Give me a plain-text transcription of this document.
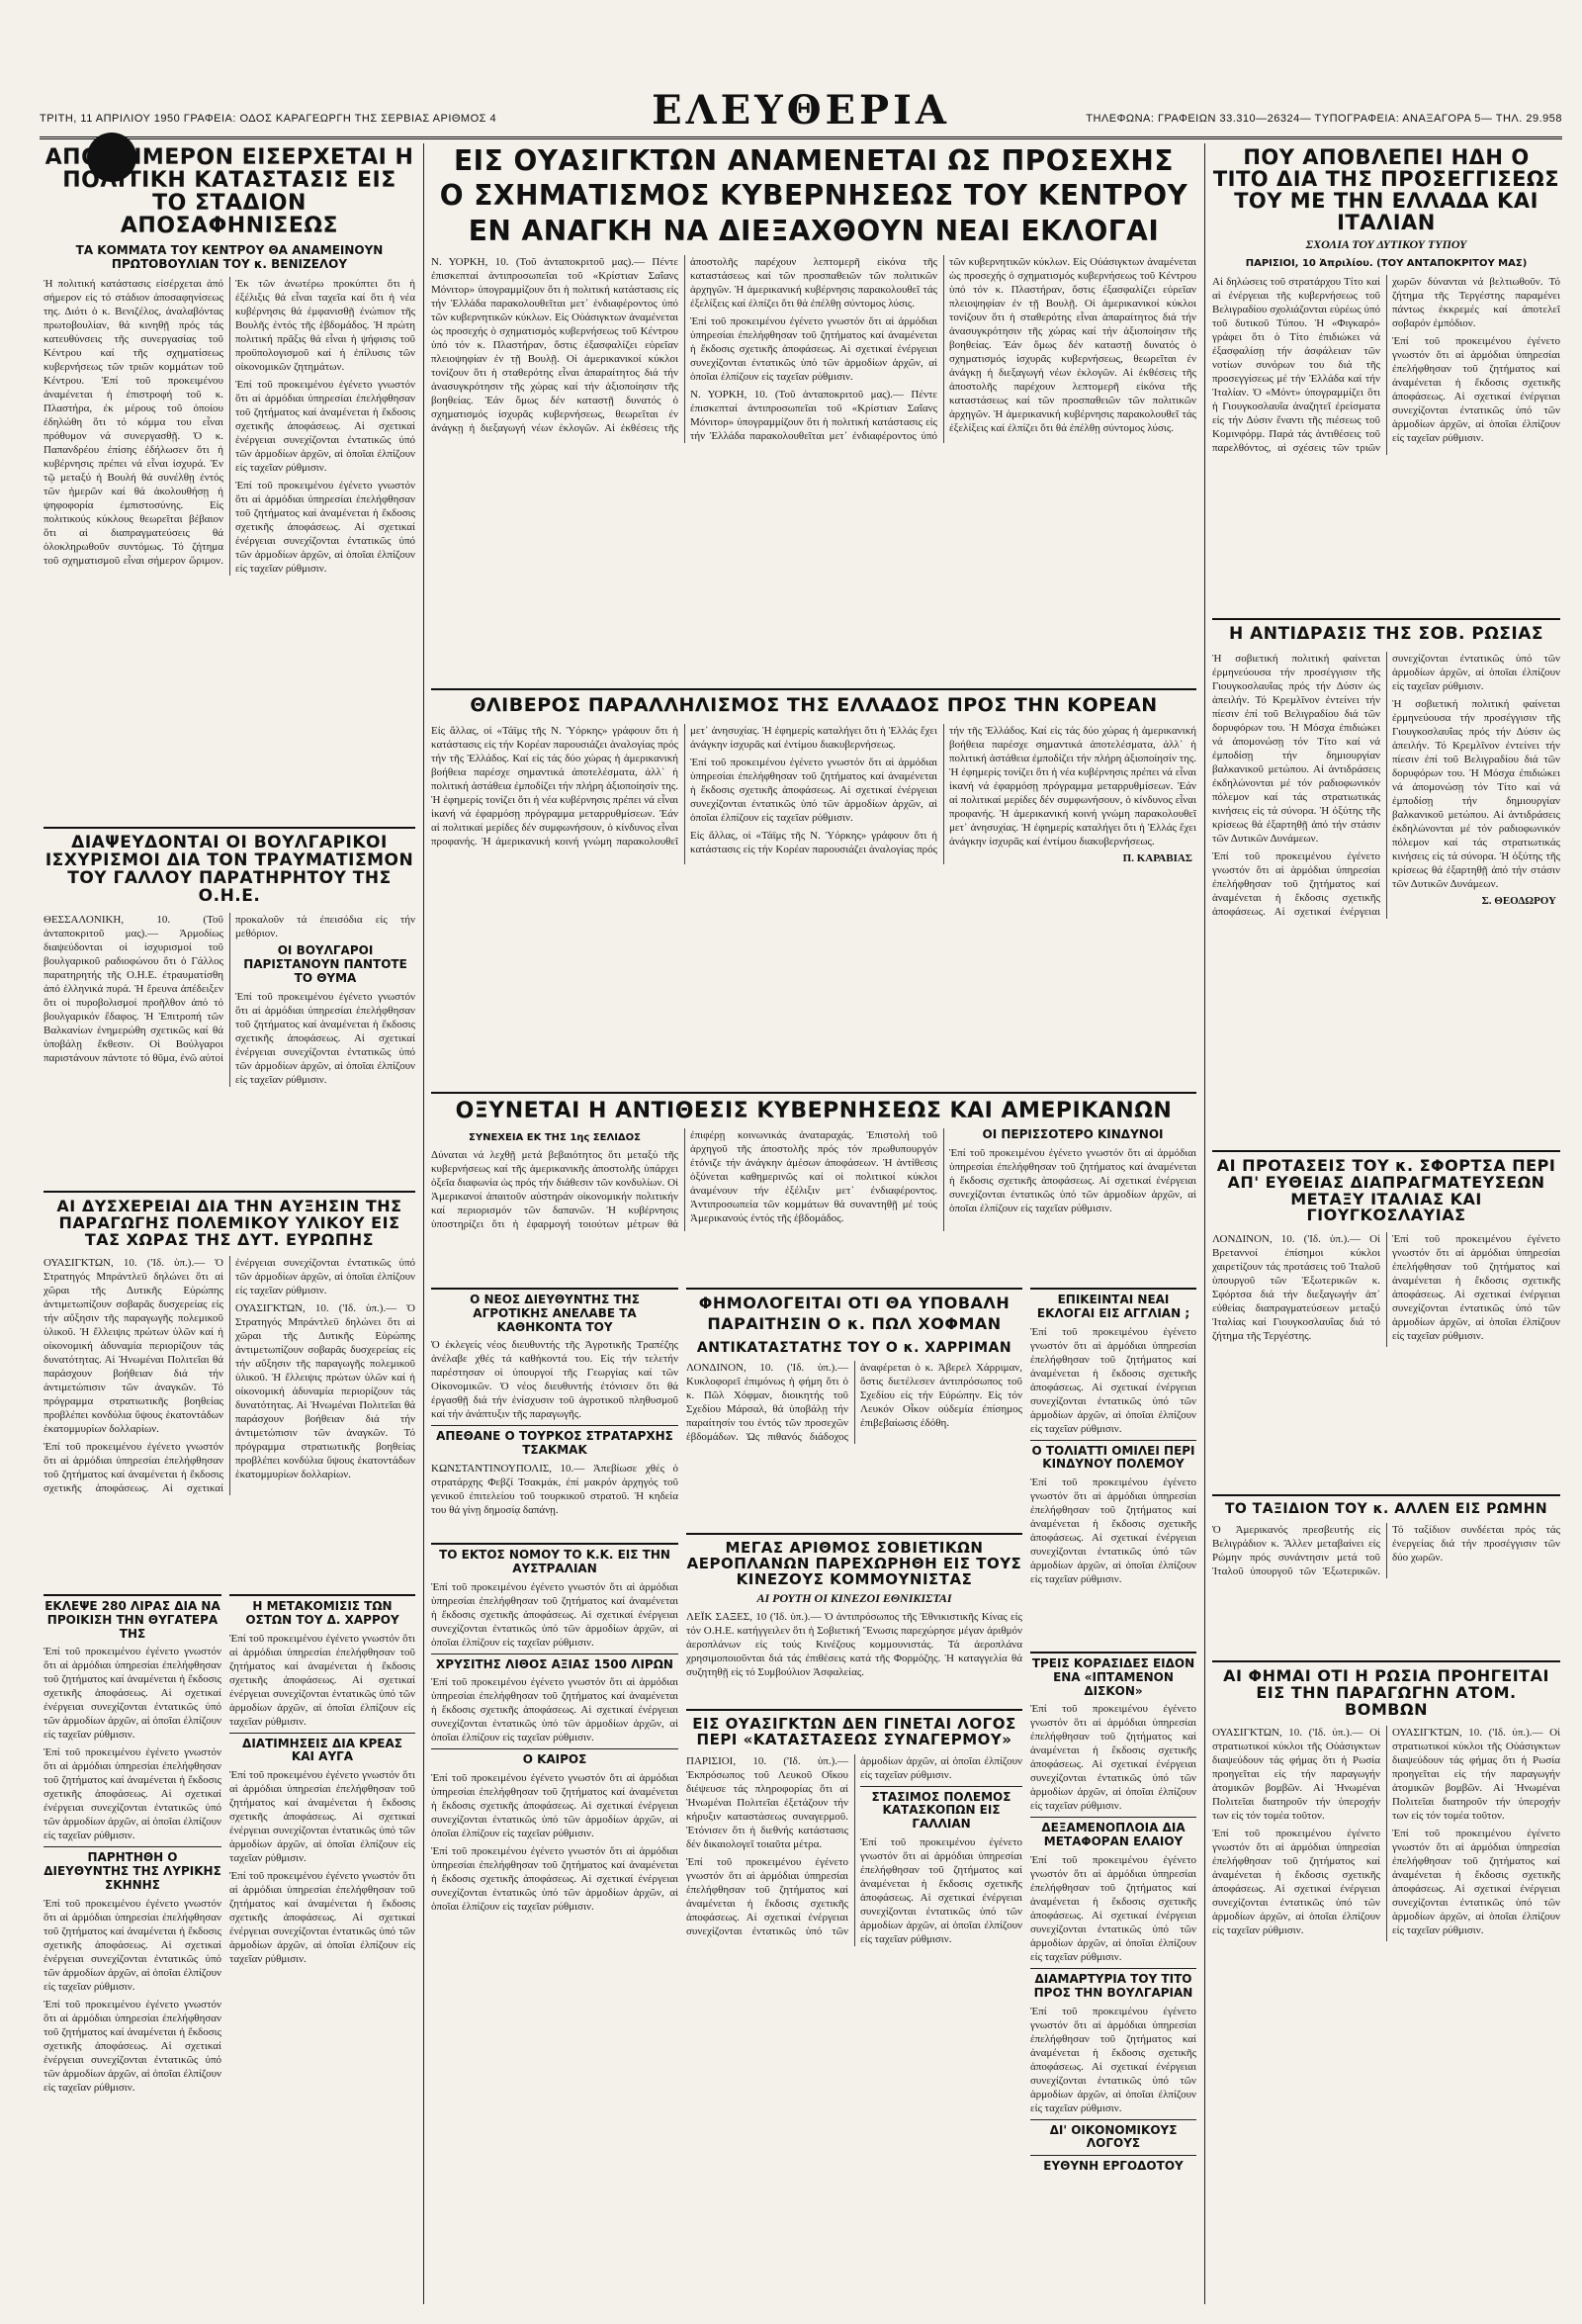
ΤΡΙΤΗ, 11 ΑΠΡΙΛΙΟΥ 1950 ΓΡΑΦΕΙΑ: ΟΔΟΣ ΚΑΡΑΓΕΩΡΓΗ ΤΗΣ ΣΕΡΒΙΑΣ ΑΡΙΘΜΟΣ 4	ΕΛΕΥΘΕΡΙΑ	ΤΗΛΕΦΩΝΑ: ΓΡΑΦΕΙΩΝ 33.310—26324— ΤΥΠΟΓΡΑΦΕΙΑ: ΑΝΑΞΑΓΟΡΑ 5— ΤΗΛ. 29.958
ΑΠΟ ΣΗΜΕΡΟΝ ΕΙΣΕΡΧΕΤΑΙ Η ΠΟΛΙΤΙΚΗ ΚΑΤΑΣΤΑΣΙΣ ΕΙΣ ΤΟ ΣΤΑΔΙΟΝ ΑΠΟΣΑΦΗΝΙΣΕΩΣ
ΤΑ ΚΟΜΜΑΤΑ ΤΟΥ ΚΕΝΤΡΟΥ ΘΑ ΑΝΑΜΕΙΝΟΥΝ ΠΡΩΤΟΒΟΥΛΙΑΝ ΤΟΥ κ. ΒΕΝΙΖΕΛΟΥ

Ἡ πολιτική κατάστασις εἰσέρχεται ἀπό σήμερον εἰς τό στάδιον ἀποσαφηνίσεως της. Διότι ὁ κ. Βενιζέλος, ἀναλαβόντας πρωτοβουλίαν, θά κινηθῇ πρός τάς κατευθύνσεις τῆς συνεργασίας τοῦ Κέντρου καί τῆς σχηματίσεως κυβερνήσεως τῶν τριῶν κομμάτων τοῦ Κέντρου. Ἐπί τοῦ προκειμένου ἀναμένεται ἡ ἐπιστροφή τοῦ κ. Πλαστήρα, ἐκ μέρους τοῦ ὁποίου ἐδηλώθη ὅτι τό κόμμα του εἶναι πρόθυμον νά συνεργασθῇ. Ὁ κ. Παπανδρέου ἐπίσης ἐδήλωσεν ὅτι ἡ κυβέρνησις πρέπει νά εἶναι ἰσχυρά. Ἐν τῷ μεταξύ ἡ Βουλή θά συνέλθῃ ἐντός τῶν ἡμερῶν καί θά ἀκολουθήσῃ ἡ ψηφοφορία ἐμπιστοσύνης. Εἰς πολιτικούς κύκλους θεωρεῖται βέβαιον ὅτι αἱ διαπραγματεύσεις θά ὁλοκληρωθοῦν συντόμως. Τό ζήτημα τοῦ σχηματισμοῦ εἶναι σήμερον ὥριμον. Ἐκ τῶν ἀνωτέρω προκύπτει ὅτι ἡ ἐξέλιξις θά εἶναι ταχεῖα καί ὅτι ἡ νέα κυβέρνησις θά ἐμφανισθῇ ἐνώπιον τῆς Βουλῆς ἐντός τῆς ἑβδομάδος. Ἡ πρώτη πολιτική πρᾶξις θά εἶναι ἡ ψήφισις τοῦ προϋπολογισμοῦ καί ἡ ἐπίλυσις τῶν οἰκονομικῶν ζητημάτων.

Ἐπί τοῦ προκειμένου ἐγένετο γνωστόν ὅτι αἱ ἁρμόδιαι ὑπηρεσίαι ἐπελήφθησαν τοῦ ζητήματος καί ἀναμένεται ἡ ἔκδοσις σχετικῆς ἀποφάσεως. Αἱ σχετικαί ἐνέργειαι συνεχίζονται ἐντατικῶς ὑπό τῶν ἁρμοδίων ἀρχῶν, αἱ ὁποῖαι ἐλπίζουν εἰς ταχεῖαν ρύθμισιν.

Ἐπί τοῦ προκειμένου ἐγένετο γνωστόν ὅτι αἱ ἁρμόδιαι ὑπηρεσίαι ἐπελήφθησαν τοῦ ζητήματος καί ἀναμένεται ἡ ἔκδοσις σχετικῆς ἀποφάσεως. Αἱ σχετικαί ἐνέργειαι συνεχίζονται ἐντατικῶς ὑπό τῶν ἁρμοδίων ἀρχῶν, αἱ ὁποῖαι ἐλπίζουν εἰς ταχεῖαν ρύθμισιν.

ΕΙΣ ΟΥΑΣΙΓΚΤΩΝ ΑΝΑΜΕΝΕΤΑΙ ΩΣ ΠΡΟΣΕΧΗΣ
Ο ΣΧΗΜΑΤΙΣΜΟΣ ΚΥΒΕΡΝΗΣΕΩΣ ΤΟΥ ΚΕΝΤΡΟΥ
ΕΝ ΑΝΑΓΚΗ ΝΑ ΔΙΕΞΑΧΘΟΥΝ ΝΕΑΙ ΕΚΛΟΓΑΙ

Ν. ΥΟΡΚΗ, 10. (Τοῦ ἀνταποκριτοῦ μας).— Πέντε ἐπισκεπταί ἀντιπροσωπεῖαι τοῦ «Κρίστιαν Σαΐανς Μόνιτορ» ὑπογραμμίζουν ὅτι ἡ πολιτική κατάστασις εἰς τήν Ἑλλάδα παρακολουθεῖται μετ᾽ ἐνδιαφέροντος ὑπό τῶν κυβερνητικῶν κύκλων. Εἰς Οὐάσιγκτων ἀναμένεται ὡς προσεχής ὁ σχηματισμός κυβερνήσεως τοῦ Κέντρου ὑπό τόν κ. Πλαστήραν, ὅστις ἐξασφαλίζει εὐρεῖαν πλειοψηφίαν ἐν τῇ Βουλῇ. Οἱ ἀμερικανικοί κύκλοι τονίζουν ὅτι ἡ σταθερότης εἶναι ἀπαραίτητος διά τήν ἀνασυγκρότησιν τῆς χώρας καί τήν ἀξιοποίησιν τῆς βοηθείας. Ἐάν ὅμως δέν καταστῇ δυνατός ὁ σχηματισμός ἰσχυρᾶς κυβερνήσεως, θεωρεῖται ἐν ἀνάγκῃ ἡ διεξαγωγή νέων ἐκλογῶν. Αἱ ἐκθέσεις τῆς ἀποστολῆς παρέχουν λεπτομερῆ εἰκόνα τῆς καταστάσεως καί τῶν προσπαθειῶν τῶν πολιτικῶν ἀρχηγῶν. Ἡ ἀμερικανική κυβέρνησις παρακολουθεῖ τάς ἐξελίξεις καί ἐλπίζει ὅτι θά ἐπέλθῃ σύντομος λύσις.

Ἐπί τοῦ προκειμένου ἐγένετο γνωστόν ὅτι αἱ ἁρμόδιαι ὑπηρεσίαι ἐπελήφθησαν τοῦ ζητήματος καί ἀναμένεται ἡ ἔκδοσις σχετικῆς ἀποφάσεως. Αἱ σχετικαί ἐνέργειαι συνεχίζονται ἐντατικῶς ὑπό τῶν ἁρμοδίων ἀρχῶν, αἱ ὁποῖαι ἐλπίζουν εἰς ταχεῖαν ρύθμισιν.

Ν. ΥΟΡΚΗ, 10. (Τοῦ ἀνταποκριτοῦ μας).— Πέντε ἐπισκεπταί ἀντιπροσωπεῖαι τοῦ «Κρίστιαν Σαΐανς Μόνιτορ» ὑπογραμμίζουν ὅτι ἡ πολιτική κατάστασις εἰς τήν Ἑλλάδα παρακολουθεῖται μετ᾽ ἐνδιαφέροντος ὑπό τῶν κυβερνητικῶν κύκλων. Εἰς Οὐάσιγκτων ἀναμένεται ὡς προσεχής ὁ σχηματισμός κυβερνήσεως τοῦ Κέντρου ὑπό τόν κ. Πλαστήραν, ὅστις ἐξασφαλίζει εὐρεῖαν πλειοψηφίαν ἐν τῇ Βουλῇ. Οἱ ἀμερικανικοί κύκλοι τονίζουν ὅτι ἡ σταθερότης εἶναι ἀπαραίτητος διά τήν ἀνασυγκρότησιν τῆς χώρας καί τήν ἀξιοποίησιν τῆς βοηθείας. Ἐάν ὅμως δέν καταστῇ δυνατός ὁ σχηματισμός ἰσχυρᾶς κυβερνήσεως, θεωρεῖται ἐν ἀνάγκῃ ἡ διεξαγωγή νέων ἐκλογῶν. Αἱ ἐκθέσεις τῆς ἀποστολῆς παρέχουν λεπτομερῆ εἰκόνα τῆς καταστάσεως καί τῶν προσπαθειῶν τῶν πολιτικῶν ἀρχηγῶν. Ἡ ἀμερικανική κυβέρνησις παρακολουθεῖ τάς ἐξελίξεις καί ἐλπίζει ὅτι θά ἐπέλθῃ σύντομος λύσις.

ΠΟΥ ΑΠΟΒΛΕΠΕΙ ΗΔΗ Ο ΤΙΤΟ ΔΙΑ ΤΗΣ ΠΡΟΣΕΓΓΙΣΕΩΣ ΤΟΥ ΜΕ ΤΗΝ ΕΛΛΑΔΑ ΚΑΙ ΙΤΑΛΙΑΝ
ΣΧΟΛΙΑ ΤΟΥ ΔΥΤΙΚΟΥ ΤΥΠΟΥ
ΠΑΡΙΣΙΟΙ, 10 Ἀπριλίου. (ΤΟΥ ΑΝΤΑΠΟΚΡΙΤΟΥ ΜΑΣ)

Αἱ δηλώσεις τοῦ στρατάρχου Τίτο καί αἱ ἐνέργειαι τῆς κυβερνήσεως τοῦ Βελιγραδίου σχολιάζονται εὐρέως ὑπό τοῦ δυτικοῦ Τύπου. Ἡ «Φιγκαρό» γράφει ὅτι ὁ Τίτο ἐπιδιώκει νά ἐξασφαλίσῃ τήν ἀσφάλειαν τῶν νοτίων συνόρων του διά τῆς προσεγγίσεως μέ τήν Ἑλλάδα καί τήν Ἰταλίαν. Ὁ «Μόντ» ὑπογραμμίζει ὅτι ἡ Γιουγκοσλαυΐα ἀναζητεῖ ἐρείσματα εἰς τήν Δύσιν ἔναντι τῆς πιέσεως τοῦ Κομινφόρμ. Παρά τάς ἀντιθέσεις τοῦ παρελθόντος, αἱ σχέσεις τῶν τριῶν χωρῶν δύνανται νά βελτιωθοῦν. Τό ζήτημα τῆς Τεργέστης παραμένει πάντως ἐκκρεμές καί ἀποτελεῖ σοβαρόν ἐμπόδιον.

Ἐπί τοῦ προκειμένου ἐγένετο γνωστόν ὅτι αἱ ἁρμόδιαι ὑπηρεσίαι ἐπελήφθησαν τοῦ ζητήματος καί ἀναμένεται ἡ ἔκδοσις σχετικῆς ἀποφάσεως. Αἱ σχετικαί ἐνέργειαι συνεχίζονται ἐντατικῶς ὑπό τῶν ἁρμοδίων ἀρχῶν, αἱ ὁποῖαι ἐλπίζουν εἰς ταχεῖαν ρύθμισιν.

ΘΛΙΒΕΡΟΣ ΠΑΡΑΛΛΗΛΙΣΜΟΣ ΤΗΣ ΕΛΛΑΔΟΣ ΠΡΟΣ ΤΗΝ ΚΟΡΕΑΝ

Εἰς ἄλλας, οἱ «Τάϊμς τῆς Ν. Ὑόρκης» γράφουν ὅτι ἡ κατάστασις εἰς τήν Κορέαν παρουσιάζει ἀναλογίας πρός τήν τῆς Ἑλλάδος. Καί εἰς τάς δύο χώρας ἡ ἀμερικανική βοήθεια παρέσχε σημαντικά ἀποτελέσματα, ἀλλ᾽ ἡ πολιτική ἀστάθεια ἐμποδίζει τήν πλήρη ἀξιοποίησίν της. Ἡ ἐφημερίς τονίζει ὅτι ἡ νέα κυβέρνησις πρέπει νά εἶναι ἱκανή νά ἐφαρμόσῃ πρόγραμμα μεταρρυθμίσεων. Ἐάν αἱ πολιτικαί μερίδες δέν συμφωνήσουν, ὁ κίνδυνος εἶναι προφανής. Ἡ ἀμερικανική κοινή γνώμη παρακολουθεῖ μετ᾽ ἀνησυχίας. Ἡ ἐφημερίς καταλήγει ὅτι ἡ Ἑλλάς ἔχει ἀνάγκην ἰσχυρᾶς καί ἐντίμου διακυβερνήσεως.

Ἐπί τοῦ προκειμένου ἐγένετο γνωστόν ὅτι αἱ ἁρμόδιαι ὑπηρεσίαι ἐπελήφθησαν τοῦ ζητήματος καί ἀναμένεται ἡ ἔκδοσις σχετικῆς ἀποφάσεως. Αἱ σχετικαί ἐνέργειαι συνεχίζονται ἐντατικῶς ὑπό τῶν ἁρμοδίων ἀρχῶν, αἱ ὁποῖαι ἐλπίζουν εἰς ταχεῖαν ρύθμισιν.

Εἰς ἄλλας, οἱ «Τάϊμς τῆς Ν. Ὑόρκης» γράφουν ὅτι ἡ κατάστασις εἰς τήν Κορέαν παρουσιάζει ἀναλογίας πρός τήν τῆς Ἑλλάδος. Καί εἰς τάς δύο χώρας ἡ ἀμερικανική βοήθεια παρέσχε σημαντικά ἀποτελέσματα, ἀλλ᾽ ἡ πολιτική ἀστάθεια ἐμποδίζει τήν πλήρη ἀξιοποίησίν της. Ἡ ἐφημερίς τονίζει ὅτι ἡ νέα κυβέρνησις πρέπει νά εἶναι ἱκανή νά ἐφαρμόσῃ πρόγραμμα μεταρρυθμίσεων. Ἐάν αἱ πολιτικαί μερίδες δέν συμφωνήσουν, ὁ κίνδυνος εἶναι προφανής. Ἡ ἀμερικανική κοινή γνώμη παρακολουθεῖ μετ᾽ ἀνησυχίας. Ἡ ἐφημερίς καταλήγει ὅτι ἡ Ἑλλάς ἔχει ἀνάγκην ἰσχυρᾶς καί ἐντίμου διακυβερνήσεως.

Π. ΚΑΡΑΒΙΑΣ
Η ΑΝΤΙΔΡΑΣΙΣ ΤΗΣ ΣΟΒ. ΡΩΣΙΑΣ

Ἡ σοβιετική πολιτική φαίνεται ἐρμηνεύουσα τήν προσέγγισιν τῆς Γιουγκοσλαυΐας πρός τήν Δύσιν ὡς ἀπειλήν. Τό Κρεμλῖνον ἐντείνει τήν πίεσιν ἐπί τοῦ Βελιγραδίου διά τῶν δορυφόρων του. Ἡ Μόσχα ἐπιδιώκει νά ἀπομονώσῃ τόν Τίτο καί νά ἐμποδίσῃ τήν δημιουργίαν βαλκανικοῦ μετώπου. Αἱ ἀντιδράσεις ἐκδηλώνονται μέ τόν ραδιοφωνικόν πόλεμον καί τάς στρατιωτικάς κινήσεις εἰς τά σύνορα. Ἡ ὀξύτης τῆς κρίσεως θά ἐξαρτηθῇ ἀπό τήν στάσιν τῶν Δυτικῶν Δυνάμεων.

Ἐπί τοῦ προκειμένου ἐγένετο γνωστόν ὅτι αἱ ἁρμόδιαι ὑπηρεσίαι ἐπελήφθησαν τοῦ ζητήματος καί ἀναμένεται ἡ ἔκδοσις σχετικῆς ἀποφάσεως. Αἱ σχετικαί ἐνέργειαι συνεχίζονται ἐντατικῶς ὑπό τῶν ἁρμοδίων ἀρχῶν, αἱ ὁποῖαι ἐλπίζουν εἰς ταχεῖαν ρύθμισιν.

Ἡ σοβιετική πολιτική φαίνεται ἐρμηνεύουσα τήν προσέγγισιν τῆς Γιουγκοσλαυΐας πρός τήν Δύσιν ὡς ἀπειλήν. Τό Κρεμλῖνον ἐντείνει τήν πίεσιν ἐπί τοῦ Βελιγραδίου διά τῶν δορυφόρων του. Ἡ Μόσχα ἐπιδιώκει νά ἀπομονώσῃ τόν Τίτο καί νά ἐμποδίσῃ τήν δημιουργίαν βαλκανικοῦ μετώπου. Αἱ ἀντιδράσεις ἐκδηλώνονται μέ τόν ραδιοφωνικόν πόλεμον καί τάς στρατιωτικάς κινήσεις εἰς τά σύνορα. Ἡ ὀξύτης τῆς κρίσεως θά ἐξαρτηθῇ ἀπό τήν στάσιν τῶν Δυτικῶν Δυνάμεων.

Σ. ΘΕΟΔΩΡΟΥ
ΔΙΑΨΕΥΔΟΝΤΑΙ ΟΙ ΒΟΥΛΓΑΡΙΚΟΙ ΙΣΧΥΡΙΣΜΟΙ ΔΙΑ ΤΟΝ ΤΡΑΥΜΑΤΙΣΜΟΝ ΤΟΥ ΓΑΛΛΟΥ ΠΑΡΑΤΗΡΗΤΟΥ ΤΗΣ Ο.Η.Ε.

ΘΕΣΣΑΛΟΝΙΚΗ, 10. (Τοῦ ἀνταποκριτοῦ μας).— Ἀρμοδίως διαψεύδονται οἱ ἰσχυρισμοί τοῦ βουλγαρικοῦ ραδιοφώνου ὅτι ὁ Γάλλος παρατηρητής τῆς Ο.Η.Ε. ἐτραυματίσθη ἀπό ἑλληνικά πυρά. Ἡ ἔρευνα ἀπέδειξεν ὅτι οἱ πυροβολισμοί προῆλθον ἀπό τό βουλγαρικόν ἔδαφος. Ἡ Ἐπιτροπή τῶν Βαλκανίων ἐνημερώθη σχετικῶς καί θά ὑποβάλῃ ἔκθεσιν. Οἱ Βούλγαροι παριστάνουν πάντοτε τό θῦμα, ἐνῶ αὐτοί προκαλοῦν τά ἐπεισόδια εἰς τήν μεθόριον.

ΟΙ ΒΟΥΛΓΑΡΟΙ ΠΑΡΙΣΤΑΝΟΥΝ ΠΑΝΤΟΤΕ ΤΟ ΘΥΜΑ

Ἐπί τοῦ προκειμένου ἐγένετο γνωστόν ὅτι αἱ ἁρμόδιαι ὑπηρεσίαι ἐπελήφθησαν τοῦ ζητήματος καί ἀναμένεται ἡ ἔκδοσις σχετικῆς ἀποφάσεως. Αἱ σχετικαί ἐνέργειαι συνεχίζονται ἐντατικῶς ὑπό τῶν ἁρμοδίων ἀρχῶν, αἱ ὁποῖαι ἐλπίζουν εἰς ταχεῖαν ρύθμισιν.

ΟΞΥΝΕΤΑΙ Η ΑΝΤΙΘΕΣΙΣ ΚΥΒΕΡΝΗΣΕΩΣ ΚΑΙ ΑΜΕΡΙΚΑΝΩΝ
ΣΥΝΕΧΕΙΑ ΕΚ ΤΗΣ 1ης ΣΕΛΙΔΟΣ

Δύναται νά λεχθῇ μετά βεβαιότητος ὅτι μεταξύ τῆς κυβερνήσεως καί τῆς ἀμερικανικῆς ἀποστολῆς ὑπάρχει ὀξεῖα διαφωνία ὡς πρός τήν διάθεσιν τῶν κονδυλίων. Οἱ Ἀμερικανοί ἀπαιτοῦν αὐστηράν οἰκονομικήν πολιτικήν καί περιορισμόν τῶν δαπανῶν. Ἡ κυβέρνησις ὑποστηρίζει ὅτι ἡ ἐφαρμογή τοιούτων μέτρων θά ἐπιφέρῃ κοινωνικάς ἀναταραχάς. Ἐπιστολή τοῦ ἀρχηγοῦ τῆς ἀποστολῆς πρός τόν πρωθυπουργόν ἐτόνιζε τήν ἀνάγκην ἀμέσων ἀποφάσεων. Ἡ ἀντίθεσις ὀξύνεται καθημερινῶς καί οἱ πολιτικοί κύκλοι ἀναμένουν τήν ἐξέλιξιν μετ᾽ ἐνδιαφέροντος. Ἀντιπροσωπεία τῶν κομμάτων θά συναντηθῇ μέ τούς Ἀμερικανούς ἐντός τῆς ἑβδομάδος.

ΟΙ ΠΕΡΙΣΣΟΤΕΡΟ ΚΙΝΔΥΝΟΙ

Ἐπί τοῦ προκειμένου ἐγένετο γνωστόν ὅτι αἱ ἁρμόδιαι ὑπηρεσίαι ἐπελήφθησαν τοῦ ζητήματος καί ἀναμένεται ἡ ἔκδοσις σχετικῆς ἀποφάσεως. Αἱ σχετικαί ἐνέργειαι συνεχίζονται ἐντατικῶς ὑπό τῶν ἁρμοδίων ἀρχῶν, αἱ ὁποῖαι ἐλπίζουν εἰς ταχεῖαν ρύθμισιν.

ΑΙ ΔΥΣΧΕΡΕΙΑΙ ΔΙΑ ΤΗΝ ΑΥΞΗΣΙΝ ΤΗΣ ΠΑΡΑΓΩΓΗΣ ΠΟΛΕΜΙΚΟΥ ΥΛΙΚΟΥ ΕΙΣ ΤΑΣ ΧΩΡΑΣ ΤΗΣ ΔΥΤ. ΕΥΡΩΠΗΣ

ΟΥΑΣΙΓΚΤΩΝ, 10. ('Ιδ. ὑπ.).— Ὁ Στρατηγός Μπράντλεϋ δηλώνει ὅτι αἱ χῶραι τῆς Δυτικῆς Εὐρώπης ἀντιμετωπίζουν σοβαρᾶς δυσχερείας εἰς τήν αὔξησιν τῆς παραγωγῆς πολεμικοῦ ὑλικοῦ. Ἡ ἔλλειψις πρώτων ὑλῶν καί ἡ οἰκονομική ἀδυναμία περιορίζουν τάς δυνατότητας. Αἱ Ἡνωμέναι Πολιτεῖαι θά παράσχουν βοήθειαν διά τήν ἀντιμετώπισιν τῶν ἀναγκῶν. Τό πρόγραμμα στρατιωτικῆς βοηθείας προβλέπει κονδύλια ὕψους ἑκατοντάδων ἑκατομμυρίων δολλαρίων.

Ἐπί τοῦ προκειμένου ἐγένετο γνωστόν ὅτι αἱ ἁρμόδιαι ὑπηρεσίαι ἐπελήφθησαν τοῦ ζητήματος καί ἀναμένεται ἡ ἔκδοσις σχετικῆς ἀποφάσεως. Αἱ σχετικαί ἐνέργειαι συνεχίζονται ἐντατικῶς ὑπό τῶν ἁρμοδίων ἀρχῶν, αἱ ὁποῖαι ἐλπίζουν εἰς ταχεῖαν ρύθμισιν.

ΟΥΑΣΙΓΚΤΩΝ, 10. ('Ιδ. ὑπ.).— Ὁ Στρατηγός Μπράντλεϋ δηλώνει ὅτι αἱ χῶραι τῆς Δυτικῆς Εὐρώπης ἀντιμετωπίζουν σοβαρᾶς δυσχερείας εἰς τήν αὔξησιν τῆς παραγωγῆς πολεμικοῦ ὑλικοῦ. Ἡ ἔλλειψις πρώτων ὑλῶν καί ἡ οἰκονομική ἀδυναμία περιορίζουν τάς δυνατότητας. Αἱ Ἡνωμέναι Πολιτεῖαι θά παράσχουν βοήθειαν διά τήν ἀντιμετώπισιν τῶν ἀναγκῶν. Τό πρόγραμμα στρατιωτικῆς βοηθείας προβλέπει κονδύλια ὕψους ἑκατοντάδων ἑκατομμυρίων δολλαρίων.

Ο ΝΕΟΣ ΔΙΕΥΘΥΝΤΗΣ ΤΗΣ ΑΓΡΟΤΙΚΗΣ ΑΝΕΛΑΒΕ ΤΑ ΚΑΘΗΚΟΝΤΑ ΤΟΥ

Ὁ ἐκλεγείς νέος διευθυντής τῆς Ἀγροτικῆς Τραπέζης ἀνέλαβε χθές τά καθήκοντά του. Εἰς τήν τελετήν παρέστησαν οἱ ὑπουργοί τῆς Γεωργίας καί τῶν Οἰκονομικῶν. Ὁ νέος διευθυντής ἐτόνισεν ὅτι θά ἐργασθῇ διά τήν ἐνίσχυσιν τοῦ ἀγροτικοῦ πληθυσμοῦ καί τήν ἀνάπτυξιν τῆς παραγωγῆς.

ΑΠΕΘΑΝΕ Ο ΤΟΥΡΚΟΣ ΣΤΡΑΤΑΡΧΗΣ ΤΣΑΚΜΑΚ

ΚΩΝΣΤΑΝΤΙΝΟΥΠΟΛΙΣ, 10.— Ἀπεβίωσε χθές ὁ στρατάρχης Φεβζί Τσακμάκ, ἐπί μακρόν ἀρχηγός τοῦ γενικοῦ ἐπιτελείου τοῦ τουρκικοῦ στρατοῦ. Ἡ κηδεία του θά γίνῃ δημοσίᾳ δαπάνῃ.

ΦΗΜΟΛΟΓΕΙΤΑΙ ΟΤΙ ΘΑ ΥΠΟΒΑΛΗ
ΠΑΡΑΙΤΗΣΙΝ Ο κ. ΠΩΛ ΧΟΦΜΑΝ
ΑΝΤΙΚΑΤΑΣΤΑΤΗΣ ΤΟΥ Ο κ. ΧΑΡΡΙΜΑΝ

ΛΟΝΔΙΝΟΝ, 10. ('Ιδ. ὑπ.).— Κυκλοφορεῖ ἐπιμόνως ἡ φήμη ὅτι ὁ κ. Πῶλ Χόφμαν, διοικητής τοῦ Σχεδίου Μάρσαλ, θά ὑποβάλῃ τήν παραίτησίν του ἐντός τῶν προσεχῶν ἑβδομάδων. Ὡς πιθανός διάδοχος ἀναφέρεται ὁ κ. Ἀβερελ Χάρριμαν, ὅστις διετέλεσεν ἀντιπρόσωπος τοῦ Σχεδίου εἰς τήν Εὐρώπην. Εἰς τόν Λευκόν Οἶκον οὐδεμία ἐπίσημος ἐπιβεβαίωσις ἐδόθη.

ΕΠΙΚΕΙΝΤΑΙ ΝΕΑΙ ΕΚΛΟΓΑΙ ΕΙΣ ΑΓΓΛΙΑΝ ;

Ἐπί τοῦ προκειμένου ἐγένετο γνωστόν ὅτι αἱ ἁρμόδιαι ὑπηρεσίαι ἐπελήφθησαν τοῦ ζητήματος καί ἀναμένεται ἡ ἔκδοσις σχετικῆς ἀποφάσεως. Αἱ σχετικαί ἐνέργειαι συνεχίζονται ἐντατικῶς ὑπό τῶν ἁρμοδίων ἀρχῶν, αἱ ὁποῖαι ἐλπίζουν εἰς ταχεῖαν ρύθμισιν.

Ο ΤΟΛΙΑΤΤΙ ΟΜΙΛΕΙ ΠΕΡΙ ΚΙΝΔΥΝΟΥ ΠΟΛΕΜΟΥ

Ἐπί τοῦ προκειμένου ἐγένετο γνωστόν ὅτι αἱ ἁρμόδιαι ὑπηρεσίαι ἐπελήφθησαν τοῦ ζητήματος καί ἀναμένεται ἡ ἔκδοσις σχετικῆς ἀποφάσεως. Αἱ σχετικαί ἐνέργειαι συνεχίζονται ἐντατικῶς ὑπό τῶν ἁρμοδίων ἀρχῶν, αἱ ὁποῖαι ἐλπίζουν εἰς ταχεῖαν ρύθμισιν.

ΑΙ ΠΡΟΤΑΣΕΙΣ ΤΟΥ κ. ΣΦΟΡΤΣΑ ΠΕΡΙ ΑΠ' ΕΥΘΕΙΑΣ ΔΙΑΠΡΑΓΜΑΤΕΥΣΕΩΝ ΜΕΤΑΞΥ ΙΤΑΛΙΑΣ ΚΑΙ ΓΙΟΥΓΚΟΣΛΑΥΙΑΣ

ΛΟΝΔΙΝΟΝ, 10. ('Ιδ. ὑπ.).— Οἱ Βρεταννοί ἐπίσημοι κύκλοι χαιρετίζουν τάς προτάσεις τοῦ Ἰταλοῦ ὑπουργοῦ τῶν Ἐξωτερικῶν κ. Σφόρτσα διά τήν διεξαγωγήν ἀπ᾽ εὐθείας διαπραγματεύσεων μεταξύ Ἰταλίας καί Γιουγκοσλαυΐας διά τό ζήτημα τῆς Τεργέστης.

Ἐπί τοῦ προκειμένου ἐγένετο γνωστόν ὅτι αἱ ἁρμόδιαι ὑπηρεσίαι ἐπελήφθησαν τοῦ ζητήματος καί ἀναμένεται ἡ ἔκδοσις σχετικῆς ἀποφάσεως. Αἱ σχετικαί ἐνέργειαι συνεχίζονται ἐντατικῶς ὑπό τῶν ἁρμοδίων ἀρχῶν, αἱ ὁποῖαι ἐλπίζουν εἰς ταχεῖαν ρύθμισιν.

ΜΕΓΑΣ ΑΡΙΘΜΟΣ ΣΟΒΙΕΤΙΚΩΝ ΑΕΡΟΠΛΑΝΩΝ ΠΑΡΕΧΩΡΗΘΗ ΕΙΣ ΤΟΥΣ ΚΙΝΕΖΟΥΣ ΚΟΜΜΟΥΝΙΣΤΑΣ
ΑΙ ΡΟΥΤΗ ΟΙ ΚΙΝΕΖΟΙ ΕΘΝΙΚΙΣΤΑΙ

ΛΕΪΚ ΣΑΞΕΣ, 10 ('Ιδ. ὑπ.).— Ὁ ἀντιπρόσωπος τῆς Ἐθνικιστικῆς Κίνας εἰς τόν Ο.Η.Ε. κατήγγειλεν ὅτι ἡ Σοβιετική Ἕνωσις παρεχώρησε μέγαν ἀριθμόν ἀεροπλάνων εἰς τούς Κινέζους κομμουνιστάς. Τά ἀεροπλάνα χρησιμοποιοῦνται διά τάς ἐπιθέσεις κατά τῆς Φορμόζης. Ἡ καταγγελία θά συζητηθῇ εἰς τό Συμβούλιον Ἀσφαλείας.

ΤΟ ΤΑΞΙΔΙΟΝ ΤΟΥ κ. ΑΛΛΕΝ ΕΙΣ ΡΩΜΗΝ

Ὁ Ἀμερικανός πρεσβευτής εἰς Βελιγράδιον κ. Ἄλλεν μεταβαίνει εἰς Ρώμην πρός συνάντησιν μετά τοῦ Ἰταλοῦ ὑπουργοῦ τῶν Ἐξωτερικῶν. Τό ταξίδιον συνδέεται πρός τάς ἐνεργείας διά τήν προσέγγισιν τῶν δύο χωρῶν.

ΕΚΛΕΨΕ 280 ΛΙΡΑΣ ΔΙΑ ΝΑ ΠΡΟΙΚΙΣΗ ΤΗΝ ΘΥΓΑΤΕΡΑ ΤΗΣ

Ἐπί τοῦ προκειμένου ἐγένετο γνωστόν ὅτι αἱ ἁρμόδιαι ὑπηρεσίαι ἐπελήφθησαν τοῦ ζητήματος καί ἀναμένεται ἡ ἔκδοσις σχετικῆς ἀποφάσεως. Αἱ σχετικαί ἐνέργειαι συνεχίζονται ἐντατικῶς ὑπό τῶν ἁρμοδίων ἀρχῶν, αἱ ὁποῖαι ἐλπίζουν εἰς ταχεῖαν ρύθμισιν.

Ἐπί τοῦ προκειμένου ἐγένετο γνωστόν ὅτι αἱ ἁρμόδιαι ὑπηρεσίαι ἐπελήφθησαν τοῦ ζητήματος καί ἀναμένεται ἡ ἔκδοσις σχετικῆς ἀποφάσεως. Αἱ σχετικαί ἐνέργειαι συνεχίζονται ἐντατικῶς ὑπό τῶν ἁρμοδίων ἀρχῶν, αἱ ὁποῖαι ἐλπίζουν εἰς ταχεῖαν ρύθμισιν.

ΠΑΡΗΤΗΘΗ Ο ΔΙΕΥΘΥΝΤΗΣ ΤΗΣ ΛΥΡΙΚΗΣ ΣΚΗΝΗΣ

Ἐπί τοῦ προκειμένου ἐγένετο γνωστόν ὅτι αἱ ἁρμόδιαι ὑπηρεσίαι ἐπελήφθησαν τοῦ ζητήματος καί ἀναμένεται ἡ ἔκδοσις σχετικῆς ἀποφάσεως. Αἱ σχετικαί ἐνέργειαι συνεχίζονται ἐντατικῶς ὑπό τῶν ἁρμοδίων ἀρχῶν, αἱ ὁποῖαι ἐλπίζουν εἰς ταχεῖαν ρύθμισιν.

Ἐπί τοῦ προκειμένου ἐγένετο γνωστόν ὅτι αἱ ἁρμόδιαι ὑπηρεσίαι ἐπελήφθησαν τοῦ ζητήματος καί ἀναμένεται ἡ ἔκδοσις σχετικῆς ἀποφάσεως. Αἱ σχετικαί ἐνέργειαι συνεχίζονται ἐντατικῶς ὑπό τῶν ἁρμοδίων ἀρχῶν, αἱ ὁποῖαι ἐλπίζουν εἰς ταχεῖαν ρύθμισιν.

Η ΜΕΤΑΚΟΜΙΣΙΣ ΤΩΝ ΟΣΤΩΝ ΤΟΥ Δ. ΧΑΡΡΟΥ

Ἐπί τοῦ προκειμένου ἐγένετο γνωστόν ὅτι αἱ ἁρμόδιαι ὑπηρεσίαι ἐπελήφθησαν τοῦ ζητήματος καί ἀναμένεται ἡ ἔκδοσις σχετικῆς ἀποφάσεως. Αἱ σχετικαί ἐνέργειαι συνεχίζονται ἐντατικῶς ὑπό τῶν ἁρμοδίων ἀρχῶν, αἱ ὁποῖαι ἐλπίζουν εἰς ταχεῖαν ρύθμισιν.

ΔΙΑΤΙΜΗΣΕΙΣ ΔΙΑ ΚΡΕΑΣ ΚΑΙ ΑΥΓΑ

Ἐπί τοῦ προκειμένου ἐγένετο γνωστόν ὅτι αἱ ἁρμόδιαι ὑπηρεσίαι ἐπελήφθησαν τοῦ ζητήματος καί ἀναμένεται ἡ ἔκδοσις σχετικῆς ἀποφάσεως. Αἱ σχετικαί ἐνέργειαι συνεχίζονται ἐντατικῶς ὑπό τῶν ἁρμοδίων ἀρχῶν, αἱ ὁποῖαι ἐλπίζουν εἰς ταχεῖαν ρύθμισιν.

Ἐπί τοῦ προκειμένου ἐγένετο γνωστόν ὅτι αἱ ἁρμόδιαι ὑπηρεσίαι ἐπελήφθησαν τοῦ ζητήματος καί ἀναμένεται ἡ ἔκδοσις σχετικῆς ἀποφάσεως. Αἱ σχετικαί ἐνέργειαι συνεχίζονται ἐντατικῶς ὑπό τῶν ἁρμοδίων ἀρχῶν, αἱ ὁποῖαι ἐλπίζουν εἰς ταχεῖαν ρύθμισιν.

ΤΟ ΕΚΤΟΣ ΝΟΜΟΥ ΤΟ Κ.Κ. ΕΙΣ ΤΗΝ ΑΥΣΤΡΑΛΙΑΝ

Ἐπί τοῦ προκειμένου ἐγένετο γνωστόν ὅτι αἱ ἁρμόδιαι ὑπηρεσίαι ἐπελήφθησαν τοῦ ζητήματος καί ἀναμένεται ἡ ἔκδοσις σχετικῆς ἀποφάσεως. Αἱ σχετικαί ἐνέργειαι συνεχίζονται ἐντατικῶς ὑπό τῶν ἁρμοδίων ἀρχῶν, αἱ ὁποῖαι ἐλπίζουν εἰς ταχεῖαν ρύθμισιν.

ΧΡΥΣΙΤΗΣ ΛΙΘΟΣ ΑΞΙΑΣ 1500 ΛΙΡΩΝ

Ἐπί τοῦ προκειμένου ἐγένετο γνωστόν ὅτι αἱ ἁρμόδιαι ὑπηρεσίαι ἐπελήφθησαν τοῦ ζητήματος καί ἀναμένεται ἡ ἔκδοσις σχετικῆς ἀποφάσεως. Αἱ σχετικαί ἐνέργειαι συνεχίζονται ἐντατικῶς ὑπό τῶν ἁρμοδίων ἀρχῶν, αἱ ὁποῖαι ἐλπίζουν εἰς ταχεῖαν ρύθμισιν.

Ο ΚΑΙΡΟΣ

Ἐπί τοῦ προκειμένου ἐγένετο γνωστόν ὅτι αἱ ἁρμόδιαι ὑπηρεσίαι ἐπελήφθησαν τοῦ ζητήματος καί ἀναμένεται ἡ ἔκδοσις σχετικῆς ἀποφάσεως. Αἱ σχετικαί ἐνέργειαι συνεχίζονται ἐντατικῶς ὑπό τῶν ἁρμοδίων ἀρχῶν, αἱ ὁποῖαι ἐλπίζουν εἰς ταχεῖαν ρύθμισιν.

Ἐπί τοῦ προκειμένου ἐγένετο γνωστόν ὅτι αἱ ἁρμόδιαι ὑπηρεσίαι ἐπελήφθησαν τοῦ ζητήματος καί ἀναμένεται ἡ ἔκδοσις σχετικῆς ἀποφάσεως. Αἱ σχετικαί ἐνέργειαι συνεχίζονται ἐντατικῶς ὑπό τῶν ἁρμοδίων ἀρχῶν, αἱ ὁποῖαι ἐλπίζουν εἰς ταχεῖαν ρύθμισιν.

ΕΙΣ ΟΥΑΣΙΓΚΤΩΝ ΔΕΝ ΓΙΝΕΤΑΙ ΛΟΓΟΣ ΠΕΡΙ «ΚΑΤΑΣΤΑΣΕΩΣ ΣΥΝΑΓΕΡΜΟΥ»

ΠΑΡΙΣΙΟΙ, 10. ('Ιδ. ὑπ.).— Ἐκπρόσωπος τοῦ Λευκοῦ Οἴκου διέψευσε τάς πληροφορίας ὅτι αἱ Ἡνωμέναι Πολιτεῖαι ἐξετάζουν τήν κήρυξιν καταστάσεως συναγερμοῦ. Ἐτόνισεν ὅτι ἡ διεθνής κατάστασις δέν δικαιολογεῖ τοιαῦτα μέτρα.

Ἐπί τοῦ προκειμένου ἐγένετο γνωστόν ὅτι αἱ ἁρμόδιαι ὑπηρεσίαι ἐπελήφθησαν τοῦ ζητήματος καί ἀναμένεται ἡ ἔκδοσις σχετικῆς ἀποφάσεως. Αἱ σχετικαί ἐνέργειαι συνεχίζονται ἐντατικῶς ὑπό τῶν ἁρμοδίων ἀρχῶν, αἱ ὁποῖαι ἐλπίζουν εἰς ταχεῖαν ρύθμισιν.

ΣΤΑΣΙΜΟΣ ΠΟΛΕΜΟΣ ΚΑΤΑΣΚΟΠΩΝ ΕΙΣ ΓΑΛΛΙΑΝ

Ἐπί τοῦ προκειμένου ἐγένετο γνωστόν ὅτι αἱ ἁρμόδιαι ὑπηρεσίαι ἐπελήφθησαν τοῦ ζητήματος καί ἀναμένεται ἡ ἔκδοσις σχετικῆς ἀποφάσεως. Αἱ σχετικαί ἐνέργειαι συνεχίζονται ἐντατικῶς ὑπό τῶν ἁρμοδίων ἀρχῶν, αἱ ὁποῖαι ἐλπίζουν εἰς ταχεῖαν ρύθμισιν.

ΤΡΕΙΣ ΚΟΡΑΣΙΔΕΣ ΕΙΔΟΝ ΕΝΑ «ΙΠΤΑΜΕΝΟΝ ΔΙΣΚΟΝ»

Ἐπί τοῦ προκειμένου ἐγένετο γνωστόν ὅτι αἱ ἁρμόδιαι ὑπηρεσίαι ἐπελήφθησαν τοῦ ζητήματος καί ἀναμένεται ἡ ἔκδοσις σχετικῆς ἀποφάσεως. Αἱ σχετικαί ἐνέργειαι συνεχίζονται ἐντατικῶς ὑπό τῶν ἁρμοδίων ἀρχῶν, αἱ ὁποῖαι ἐλπίζουν εἰς ταχεῖαν ρύθμισιν.

ΔΕΞΑΜΕΝΟΠΛΟΙΑ ΔΙΑ ΜΕΤΑΦΟΡΑΝ ΕΛΑΙΟΥ

Ἐπί τοῦ προκειμένου ἐγένετο γνωστόν ὅτι αἱ ἁρμόδιαι ὑπηρεσίαι ἐπελήφθησαν τοῦ ζητήματος καί ἀναμένεται ἡ ἔκδοσις σχετικῆς ἀποφάσεως. Αἱ σχετικαί ἐνέργειαι συνεχίζονται ἐντατικῶς ὑπό τῶν ἁρμοδίων ἀρχῶν, αἱ ὁποῖαι ἐλπίζουν εἰς ταχεῖαν ρύθμισιν.

ΔΙΑΜΑΡΤΥΡΙΑ ΤΟΥ ΤΙΤΟ ΠΡΟΣ ΤΗΝ ΒΟΥΛΓΑΡΙΑΝ

Ἐπί τοῦ προκειμένου ἐγένετο γνωστόν ὅτι αἱ ἁρμόδιαι ὑπηρεσίαι ἐπελήφθησαν τοῦ ζητήματος καί ἀναμένεται ἡ ἔκδοσις σχετικῆς ἀποφάσεως. Αἱ σχετικαί ἐνέργειαι συνεχίζονται ἐντατικῶς ὑπό τῶν ἁρμοδίων ἀρχῶν, αἱ ὁποῖαι ἐλπίζουν εἰς ταχεῖαν ρύθμισιν.

ΔΙ' ΟΙΚΟΝΟΜΙΚΟΥΣ ΛΟΓΟΥΣ
ΕΥΘΥΝΗ ΕΡΓΟΔΟΤΟΥ
ΑΙ ΦΗΜΑΙ ΟΤΙ Η ΡΩΣΙΑ ΠΡΟΗΓΕΙΤΑΙ ΕΙΣ ΤΗΝ ΠΑΡΑΓΩΓΗΝ ΑΤΟΜ. ΒΟΜΒΩΝ

ΟΥΑΣΙΓΚΤΩΝ, 10. ('Ιδ. ὑπ.).— Οἱ στρατιωτικοί κύκλοι τῆς Οὐάσιγκτων διαψεύδουν τάς φήμας ὅτι ἡ Ρωσία προηγεῖται εἰς τήν παραγωγήν ἀτομικῶν βομβῶν. Αἱ Ἡνωμέναι Πολιτεῖαι διατηροῦν τήν ὑπεροχήν των εἰς τόν τομέα τοῦτον.

Ἐπί τοῦ προκειμένου ἐγένετο γνωστόν ὅτι αἱ ἁρμόδιαι ὑπηρεσίαι ἐπελήφθησαν τοῦ ζητήματος καί ἀναμένεται ἡ ἔκδοσις σχετικῆς ἀποφάσεως. Αἱ σχετικαί ἐνέργειαι συνεχίζονται ἐντατικῶς ὑπό τῶν ἁρμοδίων ἀρχῶν, αἱ ὁποῖαι ἐλπίζουν εἰς ταχεῖαν ρύθμισιν.

ΟΥΑΣΙΓΚΤΩΝ, 10. ('Ιδ. ὑπ.).— Οἱ στρατιωτικοί κύκλοι τῆς Οὐάσιγκτων διαψεύδουν τάς φήμας ὅτι ἡ Ρωσία προηγεῖται εἰς τήν παραγωγήν ἀτομικῶν βομβῶν. Αἱ Ἡνωμέναι Πολιτεῖαι διατηροῦν τήν ὑπεροχήν των εἰς τόν τομέα τοῦτον.

Ἐπί τοῦ προκειμένου ἐγένετο γνωστόν ὅτι αἱ ἁρμόδιαι ὑπηρεσίαι ἐπελήφθησαν τοῦ ζητήματος καί ἀναμένεται ἡ ἔκδοσις σχετικῆς ἀποφάσεως. Αἱ σχετικαί ἐνέργειαι συνεχίζονται ἐντατικῶς ὑπό τῶν ἁρμοδίων ἀρχῶν, αἱ ὁποῖαι ἐλπίζουν εἰς ταχεῖαν ρύθμισιν.
